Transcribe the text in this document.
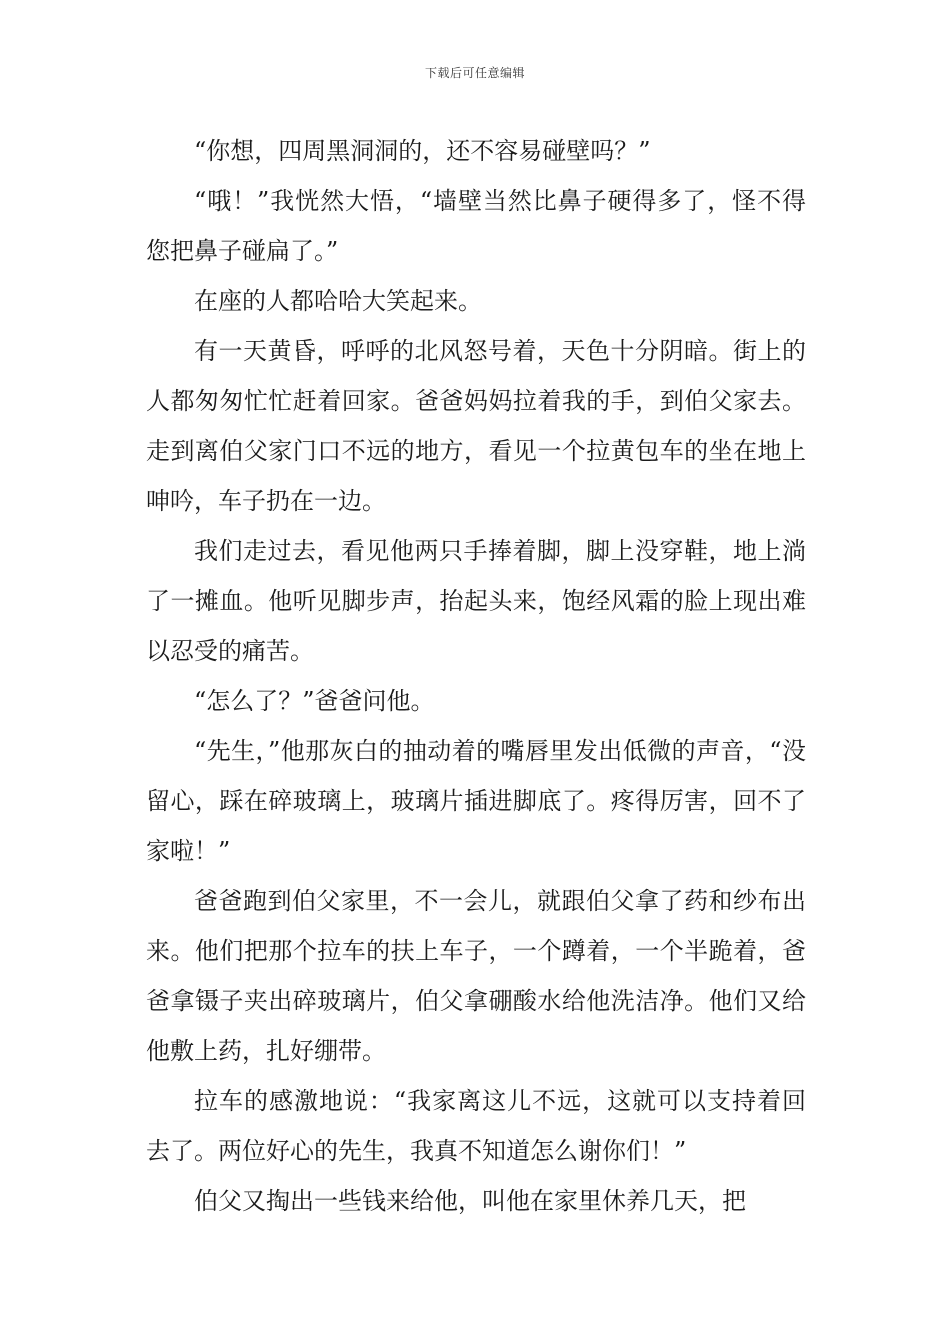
下载后可任意编辑

“你想，四周黑洞洞的，还不容易碰壁吗？”

“哦！”我恍然大悟，“墙壁当然比鼻子硬得多了，怪不得您把鼻子碰扁了。”

在座的人都哈哈大笑起来。

有一天黄昏，呼呼的北风怒号着，天色十分阴暗。街上的人都匆匆忙忙赶着回家。爸爸妈妈拉着我的手，到伯父家去。走到离伯父家门口不远的地方，看见一个拉黄包车的坐在地上呻吟，车子扔在一边。

我们走过去，看见他两只手捧着脚，脚上没穿鞋，地上淌了一摊血。他听见脚步声，抬起头来，饱经风霜的脸上现出难以忍受的痛苦。

“怎么了？”爸爸问他。

“先生，”他那灰白的抽动着的嘴唇里发出低微的声音，“没留心，踩在碎玻璃上，玻璃片插进脚底了。疼得厉害，回不了家啦！”

爸爸跑到伯父家里，不一会儿，就跟伯父拿了药和纱布出来。他们把那个拉车的扶上车子，一个蹲着，一个半跪着，爸爸拿镊子夹出碎玻璃片，伯父拿硼酸水给他洗洁净。他们又给他敷上药，扎好绷带。

拉车的感激地说：“我家离这儿不远，这就可以支持着回去了。两位好心的先生，我真不知道怎么谢你们！”

伯父又掏出一些钱来给他，叫他在家里休养几天，把
